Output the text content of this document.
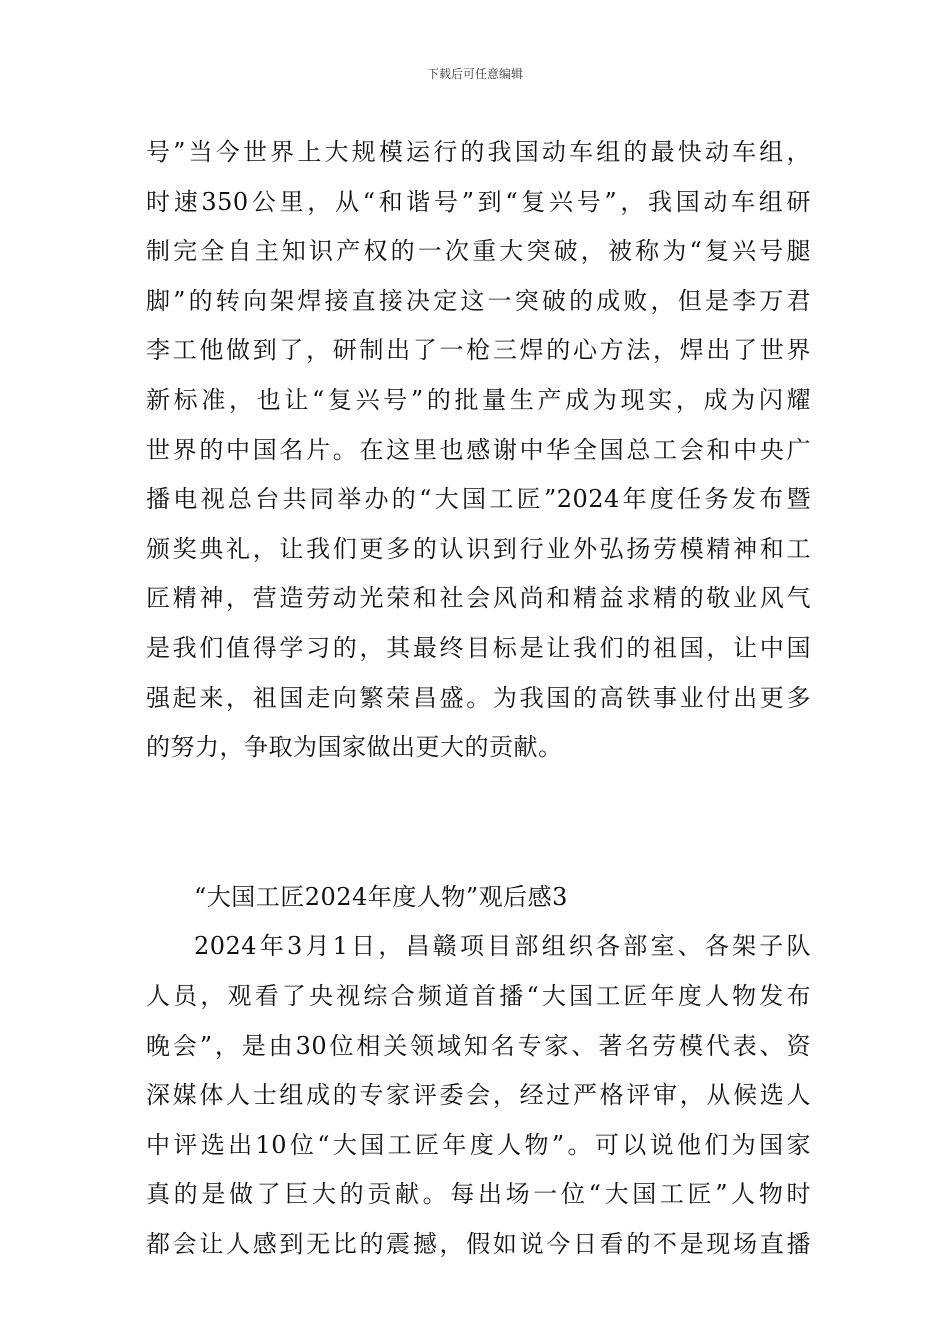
下载后可任意编辑
号”当今世界上大规模运行的我国动车组的最快动车组，
时速350公里，从“和谐号”到“复兴号”，我国动车组研
制完全自主知识产权的一次重大突破，被称为“复兴号腿
脚”的转向架焊接直接决定这一突破的成败，但是李万君
李工他做到了，研制出了一枪三焊的心方法，焊出了世界
新标准，也让“复兴号”的批量生产成为现实，成为闪耀
世界的中国名片。在这里也感谢中华全国总工会和中央广
播电视总台共同举办的“大国工匠”2024年度任务发布暨
颁奖典礼，让我们更多的认识到行业外弘扬劳模精神和工
匠精神，营造劳动光荣和社会风尚和精益求精的敬业风气
是我们值得学习的，其最终目标是让我们的祖国，让中国
强起来，祖国走向繁荣昌盛。为我国的高铁事业付出更多
的努力，争取为国家做出更大的贡献。
“大国工匠2024年度人物”观后感3
2024年3月1日，昌赣项目部组织各部室、各架子队
人员，观看了央视综合频道首播“大国工匠年度人物发布
晚会”，是由30位相关领域知名专家、著名劳模代表、资
深媒体人士组成的专家评委会，经过严格评审，从候选人
中评选出10位“大国工匠年度人物”。可以说他们为国家
真的是做了巨大的贡献。每出场一位“大国工匠”人物时
都会让人感到无比的震撼，假如说今日看的不是现场直播
